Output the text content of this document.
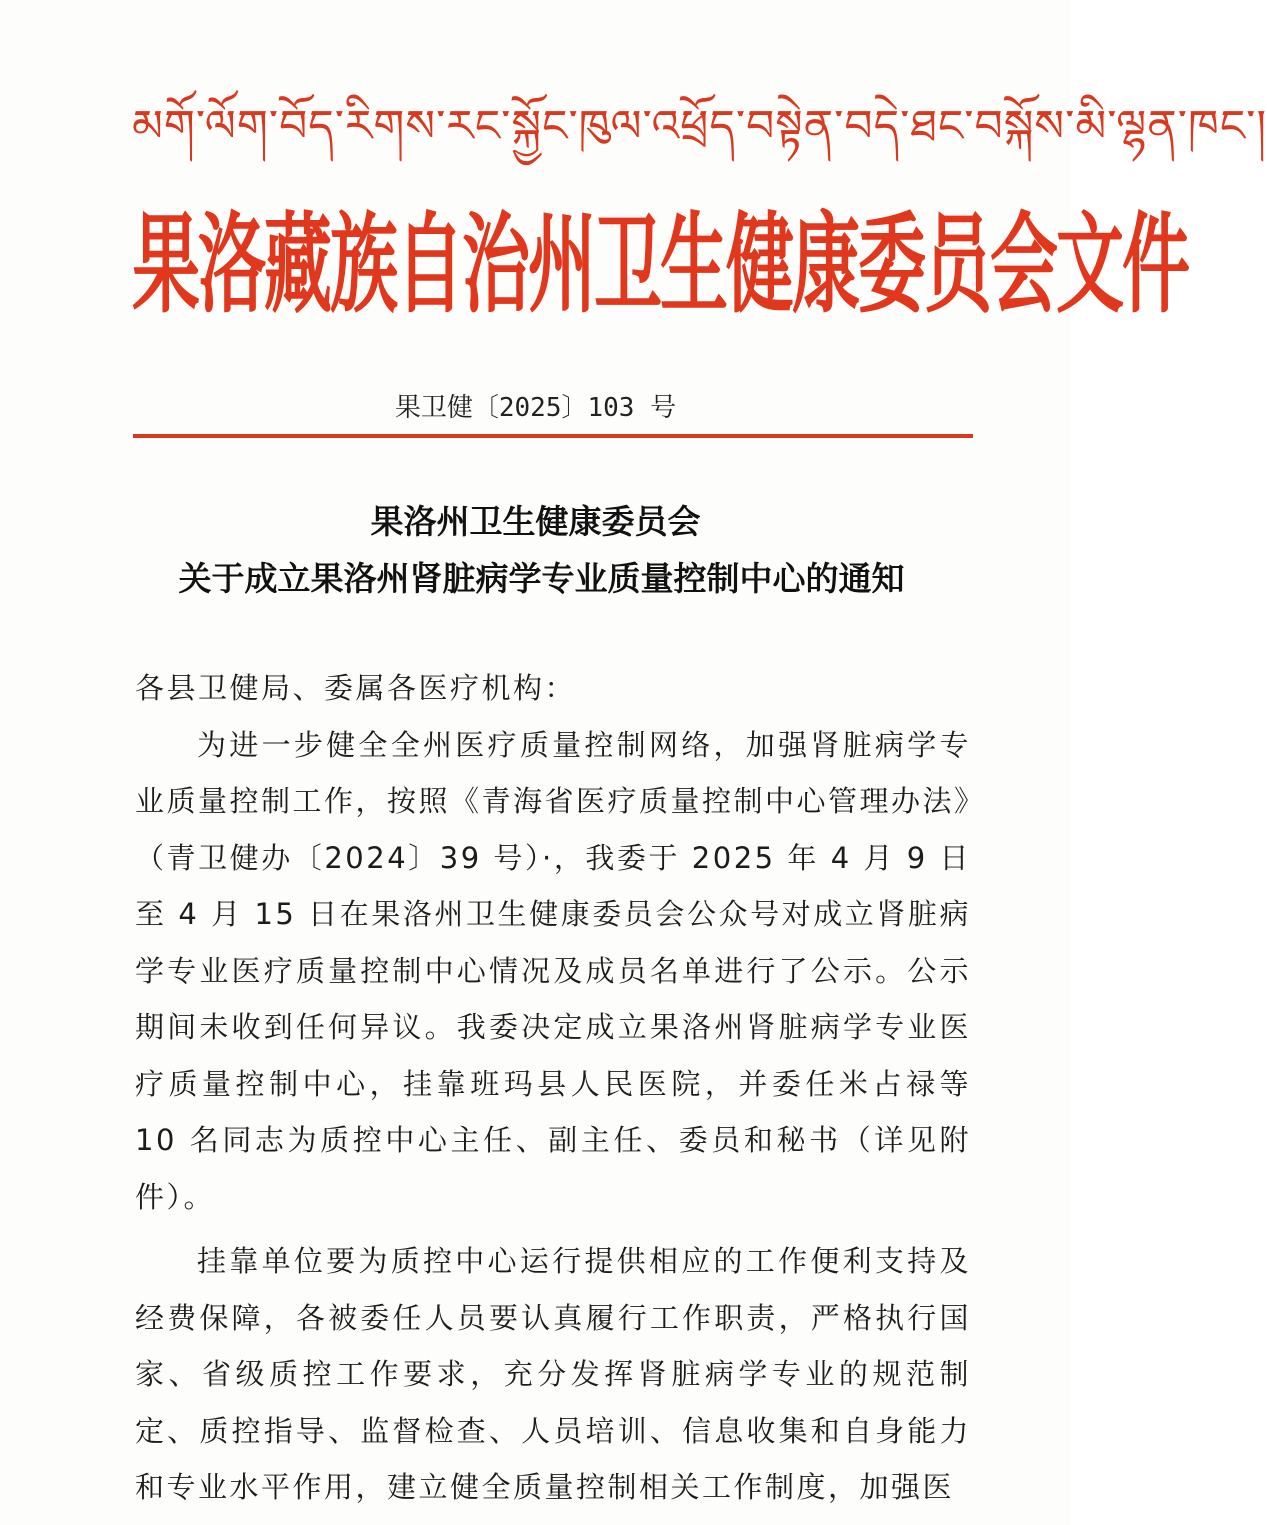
མགོ་ལོག་བོད་རིགས་རང་སྐྱོང་ཁུལ་འཕྲོད་བསྟེན་བདེ་ཐང་བསྐོས་མི་ལྷན་ཁང་།
果洛藏族自治州卫生健康委员会文件
果卫健〔2025〕103 号
果洛州卫生健康委员会
关于成立果洛州肾脏病学专业质量控制中心的通知

各县卫健局、委属各医疗机构：

为进一步健全全州医疗质量控制网络，加强肾脏病学专业质量控制工作，按照《青海省医疗质量控制中心管理办法》（青卫健办〔2024〕39 号）·，我委于 2025 年 4 月 9 日至 4 月 15 日在果洛州卫生健康委员会公众号对成立肾脏病学专业医疗质量控制中心情况及成员名单进行了公示。公示期间未收到任何异议。我委决定成立果洛州肾脏病学专业医疗质量控制中心，挂靠班玛县人民医院，并委任米占禄等 10 名同志为质控中心主任、副主任、委员和秘书（详见附件）。

挂靠单位要为质控中心运行提供相应的工作便利支持及经费保障，各被委任人员要认真履行工作职责，严格执行国家、省级质控工作要求，充分发挥肾脏病学专业的规范制定、质控指导、监督检查、人员培训、信息收集和自身能力和专业水平作用，建立健全质量控制相关工作制度，加强医
